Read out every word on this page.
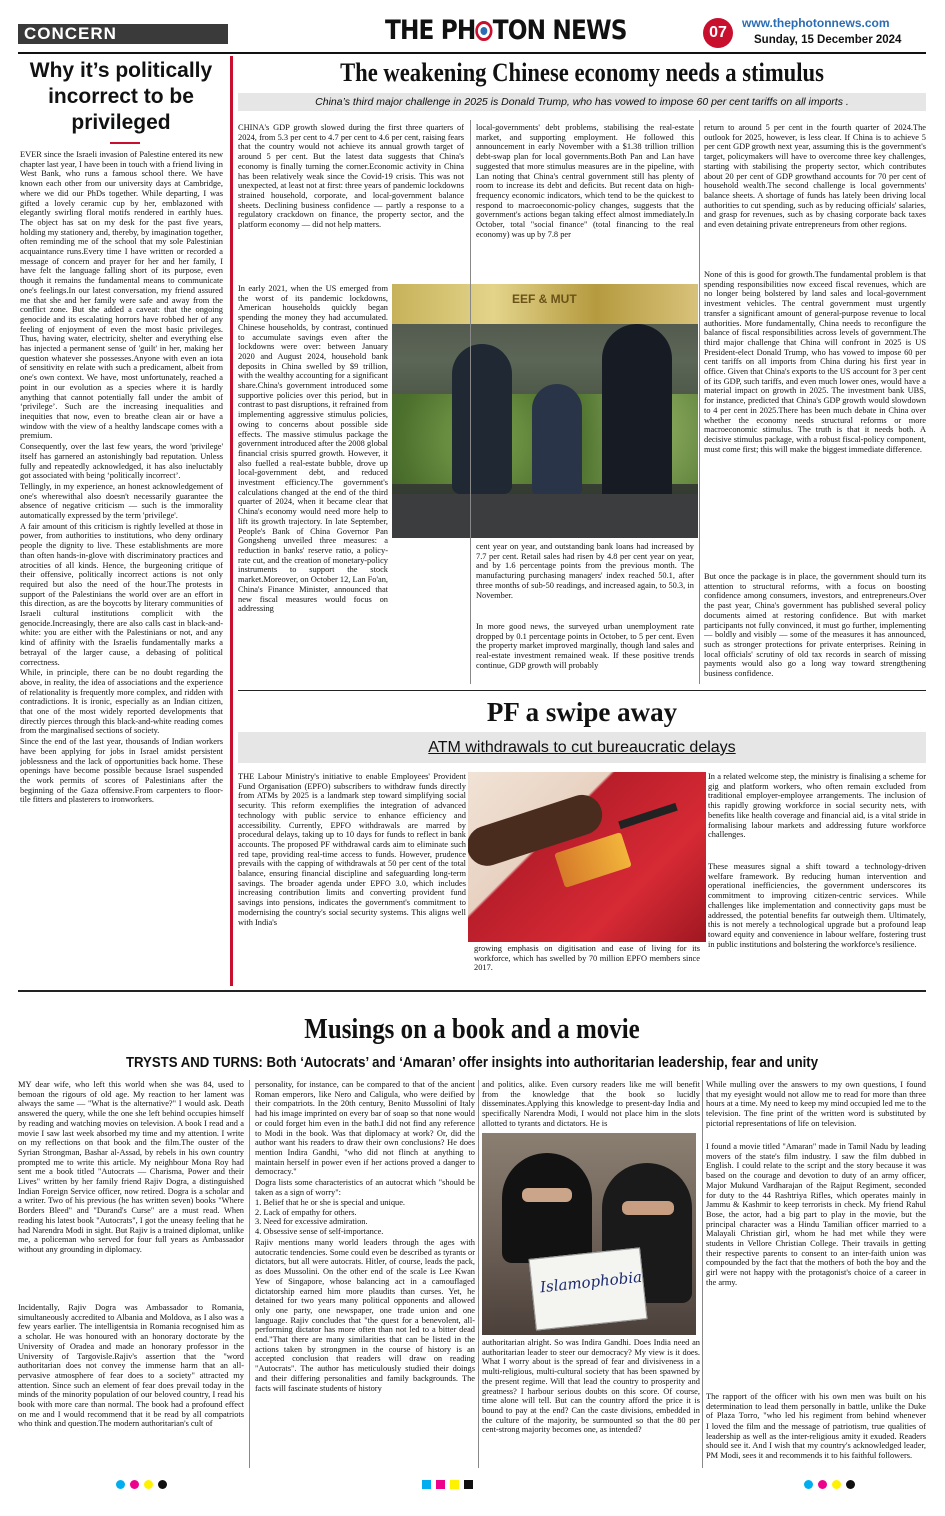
CONCERN	THE PH TON NEWS	07
www.thephotonnews.com
Sunday, 15 December 2024
Why it’s politically incorrect to be privileged

EVER since the Israeli invasion of Palestine entered its new chapter last year, I have been in touch with a friend living in West Bank, who runs a famous school there. We have known each other from our university days at Cambridge, where we did our PhDs together. While departing, I was gifted a lovely ceramic cup by her, emblazoned with elegantly swirling floral motifs rendered in earthly hues. The object has sat on my desk for the past five years, holding my stationery and, thereby, by imagination together, often reminding me of the school that my sole Palestinian acquaintance runs.Every time I have written or recorded a message of concern and prayer for her and her family, I have felt the language falling short of its purpose, even though it remains the fundamental means to communicate one's feelings.In our latest conversation, my friend assured me that she and her family were safe and away from the conflict zone. But she added a caveat: that the ongoing genocide and its escalating horrors have robbed her of any feeling of enjoyment of even the most basic privileges. Thus, having water, electricity, shelter and everything else has injected a permanent sense of 'guilt' in her, making her question whatever she possesses.Anyone with even an iota of sensitivity en relate with such a predicament, albeit from one's own context. We have, most unfortunately, reached a point in our evolution as a species where it is hardly anything that cannot potentially fall under the ambit of ‘privilege’. Such are the increasing inequalities and inequities that now, even to breathe clean air or have a window with the view of a healthy landscape comes with a premium.

Consequently, over the last few years, the word 'privilege' itself has garnered an astonishingly bad reputation. Unless fully and repeatedly acknowledged, it has also ineluctably got associated with being ‘politically incorrect’.

Tellingly, in my experience, an honest acknowledgement of one's wherewithal also doesn't necessarily guarantee the absence of negative criticism — such is the immorality automatically expressed by the term 'privilege'.

A fair amount of this criticism is rightly levelled at those in power, from authorities to institutions, who deny ordinary people the dignity to live. These establishments are more than often hands-in-glove with discriminatory practices and atrocities of all kinds. Hence, the burgeoning critique of their offensive, politically incorrect actions is not only required but also the need of the hour.The protests in support of the Palestinians the world over are an effort in this direction, as are the boycotts by literary communities of Israeli cultural institutions complicit with the genocide.Increasingly, there are also calls cast in black-and-white: you are either with the Palestinians or not, and any kind of affinity with the Israelis fundamentally marks a betrayal of the larger cause, a debasing of political correctness.

While, in principle, there can be no doubt regarding the above, in reality, the idea of associations and the experience of relationality is frequently more complex, and ridden with contradictions. It is ironic, especially as an Indian citizen, that one of the most widely reported developments that directly pierces through this black-and-white reading comes from the marginalised sections of society.

Since the end of the last year, thousands of Indian workers have been applying for jobs in Israel amidst persistent joblessness and the lack of opportunities back home. These openings have become possible because Israel suspended the work permits of scores of Palestinians after the beginning of the Gaza offensive.From carpenters to floor-tile fitters and plasterers to ironworkers.

The weakening Chinese economy needs a stimulus
China’s third major challenge in 2025 is Donald Trump, who has vowed to impose 60 per cent tariffs on all imports .
CHINA's GDP growth slowed during the first three quarters of 2024, from 5.3 per cent to 4.7 per cent to 4.6 per cent, raising fears that the country would not achieve its annual growth target of around 5 per cent. But the latest data suggests that China's economy is finally turning the corner.Economic activity in China has been relatively weak since the Covid-19 crisis. This was not unexpected, at least not at first: three years of pandemic lockdowns strained household, corporate, and local-government balance sheets. Declining business confidence — partly a response to a regulatory crackdown on finance, the property sector, and the platform economy — did not help matters.
In early 2021, when the US emerged from the worst of its pandemic lockdowns, American households quickly began spending the money they had accumulated. Chinese households, by contrast, continued to accumulate savings even after the lockdowns were over: between January 2020 and August 2024, household bank deposits in China swelled by $9 trillion, with the wealthy accounting for a significant share.China's government introduced some supportive policies over this period, but in contrast to past disruptions, it refrained from implementing aggressive stimulus policies, owing to concerns about possible side effects. The massive stimulus package the government introduced after the 2008 global financial crisis spurred growth. However, it also fuelled a real-estate bubble, drove up local-government debt, and reduced investment efficiency.The government's calculations changed at the end of the third quarter of 2024, when it became clear that China's economy would need more help to lift its growth trajectory. In late September, People's Bank of China Governor Pan Gongsheng unveiled three measures: a reduction in banks' reserve ratio, a policy-rate cut, and the creation of monetary-policy instruments to support the stock market.Moreover, on October 12, Lan Fo'an, China's Finance Minister, announced that new fiscal measures would focus on addressing
local-governments' debt problems, stabilising the real-estate market, and supporting employment. He followed this announcement in early November with a $1.38 trillion trillion debt-swap plan for local governments.Both Pan and Lan have suggested that more stimulus measures are in the pipeline, with Lan noting that China's central government still has plenty of room to increase its debt and deficits. But recent data on high-frequency economic indicators, which tend to be the quickest to respond to macroeconomic-policy changes, suggests that the government's actions began taking effect almost immediately.In October, total "social finance" (total financing to the real economy) was up by 7.8 per
EEF & MUT
cent year on year, and outstanding bank loans had increased by 7.7 per cent. Retail sales had risen by 4.8 per cent year on year, and by 1.6 percentage points from the previous month. The manufacturing purchasing managers' index reached 50.1, after three months of sub-50 readings, and increased again, to 50.3, in November.
In more good news, the surveyed urban unemployment rate dropped by 0.1 percentage points in October, to 5 per cent. Even the property market improved marginally, though land sales and real-estate investment remained weak. If these positive trends continue, GDP growth will probably
return to around 5 per cent in the fourth quarter of 2024.The outlook for 2025, however, is less clear. If China is to achieve 5 per cent GDP growth next year, assuming this is the government's target, policymakers will have to overcome three key challenges, starting with stabilising the property sector, which contributes about 20 per cent of GDP growthand accounts for 70 per cent of household wealth.The second challenge is local governments' balance sheets. A shortage of funds has lately been driving local authorities to cut spending, such as by reducing officials' salaries, and grasp for revenues, such as by chasing corporate back taxes and even detaining private entrepreneurs from other regions.
None of this is good for growth.The fundamental problem is that spending responsibilities now exceed fiscal revenues, which are no longer being bolstered by land sales and local-government investment vehicles. The central government must urgently transfer a significant amount of general-purpose revenue to local authorities. More fundamentally, China needs to reconfigure the balance of fiscal responsibilities across levels of government.The third major challenge that China will confront in 2025 is US President-elect Donald Trump, who has vowed to impose 60 per cent tariffs on all imports from China during his first year in office. Given that China's exports to the US account for 3 per cent of its GDP, such tariffs, and even much lower ones, would have a material impact on growth in 2025. The investment bank UBS, for instance, predicted that China's GDP growth would slowdown to 4 per cent in 2025.There has been much debate in China over whether the economy needs structural reforms or more macroeconomic stimulus. The truth is that it needs both. A decisive stimulus package, with a robust fiscal-policy component, must come first; this will make the biggest immediate difference.
But once the package is in place, the government should turn its attention to structural reforms, with a focus on boosting confidence among consumers, investors, and entrepreneurs.Over the past year, China's government has published several policy documents aimed at restoring confidence. But with market participants not fully convinced, it must go further, implementing — boldly and visibly — some of the measures it has announced, such as stronger protections for private enterprises. Reining in local officials' scrutiny of old tax records in search of missing payments would also go a long way toward strengthening business confidence.
PF a swipe away
ATM withdrawals to cut bureaucratic delays
THE Labour Ministry's initiative to enable Employees' Provident Fund Organisation (EPFO) subscribers to withdraw funds directly from ATMs by 2025 is a landmark step toward simplifying social security. This reform exemplifies the integration of advanced technology with public service to enhance efficiency and accessibility. Currently, EPFO withdrawals are marred by procedural delays, taking up to 10 days for funds to reflect in bank accounts. The proposed PF withdrawal cards aim to eliminate such red tape, providing real-time access to funds. However, prudence prevails with the capping of withdrawals at 50 per cent of the total balance, ensuring financial discipline and safeguarding long-term savings. The broader agenda under EPFO 3.0, which includes increasing contribution limits and converting provident fund savings into pensions, indicates the government's commitment to modernising the country's social security systems. This aligns well with India's
growing emphasis on digitisation and ease of living for its workforce, which has swelled by 70 million EPFO members since 2017.
In a related welcome step, the ministry is finalising a scheme for gig and platform workers, who often remain excluded from traditional employer-employee arrangements. The inclusion of this rapidly growing workforce in social security nets, with benefits like health coverage and financial aid, is a vital stride in formalising labour markets and addressing future workforce challenges.
These measures signal a shift toward a technology-driven welfare framework. By reducing human intervention and operational inefficiencies, the government underscores its commitment to improving citizen-centric services. While challenges like implementation and connectivity gaps must be addressed, the potential benefits far outweigh them. Ultimately, this is not merely a technological upgrade but a profound leap toward equity and convenience in labour welfare, fostering trust in public institutions and bolstering the workforce's resilience.
Musings on a book and a movie
TRYSTS AND TURNS: Both ‘Autocrats’ and ‘Amaran’ offer insights into authoritarian leadership, fear and unity
MY dear wife, who left this world when she was 84, used to bemoan the rigours of old age. My reaction to her lament was always the same — "What is the alternative?" I would ask. Death answered the query, while the one she left behind occupies himself by reading and watching movies on television. A book I read and a movie I saw last week absorbed my time and my attention. I write on my reflections on that book and the film.The ouster of the Syrian Strongman, Bashar al-Assad, by rebels in his own country prompted me to write this article. My neighbour Mona Roy had sent me a book titled "Autocrats — Charisma, Power and their Lives" written by her family friend Rajiv Dogra, a distinguished Indian Foreign Service officer, now retired. Dogra is a scholar and a writer. Two of his previous (he has written seven) books "Where Borders Bleed" and "Durand's Curse" are a must read. When reading his latest book "Autocrats", I got the uneasy feeling that he had Narendra Modi in sight. But Rajiv is a trained diplomat, unlike me, a policeman who served for four full years as Ambassador without any grounding in diplomacy.
Incidentally, Rajiv Dogra was Ambassador to Romania, simultaneously accredited to Albania and Moldova, as I also was a few years earlier. The intelligentsia in Romania recognised him as a scholar. He was honoured with an honorary doctorate by the University of Oradea and made an honorary professor in the University of Targovisle.Rajiv's assertion that the "word authoritarian does not convey the immense harm that an all-pervasive atmosphere of fear does to a society" attracted my attention. Since such an element of fear does prevail today in the minds of the minority population of our beloved country, I read his book with more care than normal. The book had a profound effect on me and I would recommend that it be read by all compatriots who think and question.The modern authoritarian's cult of
personality, for instance, can be compared to that of the ancient Roman emperors, like Nero and Caligula, who were deified by their compatriots. In the 20th century, Benito Mussolini of Italy had his image imprinted on every bar of soap so that none would or could forget him even in the bath.I did not find any reference to Modi in the book. Was that diplomacy at work? Or, did the author want his readers to draw their own conclusions? He does mention Indira Gandhi, "who did not flinch at anything to maintain herself in power even if her actions proved a danger to democracy."
Dogra lists some characteristics of an autocrat which "should be taken as a sign of worry":
1. Belief that he or she is special and unique.
2. Lack of empathy for others.
3. Need for excessive admiration.
4. Obsessive sense of self-importance.
Rajiv mentions many world leaders through the ages with autocratic tendencies. Some could even be described as tyrants or dictators, but all were autocrats. Hitler, of course, leads the pack, as does Mussolini. On the other end of the scale is Lee Kwan Yew of Singapore, whose balancing act in a camouflaged dictatorship earned him more plaudits than curses. Yet, he detained for two years many political opponents and allowed only one party, one newspaper, one trade union and one language. Rajiv concludes that "the quest for a benevolent, all-performing dictator has more often than not led to a bitter dead end."That there are many similarities that can be listed in the actions taken by strongmen in the course of history is an accepted conclusion that readers will draw on reading "Autocrats". The author has meticulously studied their doings and their differing personalities and family backgrounds. The facts will fascinate students of history
and politics, alike. Even cursory readers like me will benefit from the knowledge that the book so lucidly disseminates.Applying this knowledge to present-day India and specifically Narendra Modi, I would not place him in the slots allotted to tyrants and dictators. He is
Islamophobia
authoritarian alright. So was Indira Gandhi. Does India need an authoritarian leader to steer our democracy? My view is it does. What I worry about is the spread of fear and divisiveness in a multi-religious, multi-cultural society that has been spawned by the present regime. Will that lead the country to prosperity and greatness? I harbour serious doubts on this score. Of course, time alone will tell. But can the country afford the price it is bound to pay at the end? Can the caste divisions, embedded in the culture of the majority, be surmounted so that the 80 per cent-strong majority becomes one, as intended?
While mulling over the answers to my own questions, I found that my eyesight would not allow me to read for more than three hours at a time. My need to keep my mind occupied led me to the television. The fine print of the written word is substituted by pictorial representations of life on television.
I found a movie titled "Amaran" made in Tamil Nadu by leading movers of the state's film industry. I saw the film dubbed in English. I could relate to the script and the story because it was based on the courage and devotion to duty of an army officer, Major Mukund Vardharajan of the Rajput Regiment, seconded for duty to the 44 Rashtriya Rifles, which operates mainly in Jammu & Kashmir to keep terrorists in check. My friend Rahul Bose, the actor, had a big part to play in the movie, but the principal character was a Hindu Tamilian officer married to a Malayali Christian girl, whom he had met while they were students in Vellore Christian College. Their travails in getting their respective parents to consent to an inter-faith union was compounded by the fact that the mothers of both the boy and the girl were not happy with the protagonist's choice of a career in the army.
The rapport of the officer with his own men was built on his determination to lead them personally in battle, unlike the Duke of Plaza Torro, "who led his regiment from behind whenever
I loved the film and the message of patriotism, true qualities of leadership as well as the inter-religious amity it exuded. Readers should see it. And I wish that my country's acknowledged leader, PM Modi, sees it and recommends it to his faithful followers.
